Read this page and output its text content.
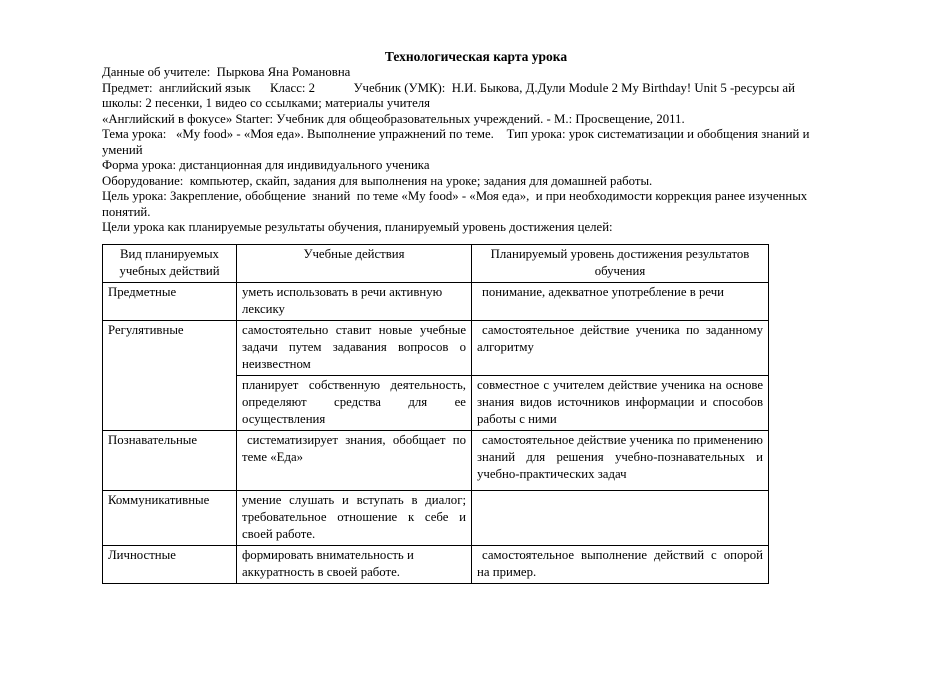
Технологическая карта урока
Данные об учителе:  Пыркова Яна Романовна
Предмет:  английский язык      Класс: 2            Учебник (УМК):  Н.И. Быкова, Д.Дули Module 2 My Birthday! Unit 5 -ресурсы ай
школы: 2 песенки, 1 видео со ссылками; материалы учителя
«Английский в фокусе» Starter: Учебник для общеобразовательных учреждений. - М.: Просвещение, 2011.
Тема урока:   «My food» - «Моя еда». Выполнение упражнений по теме.    Тип урока: урок систематизации и обобщения знаний и
умений
Форма урока: дистанционная для индивидуального ученика
Оборудование:  компьютер, скайп, задания для выполнения на уроке; задания для домашней работы.
Цель урока: Закрепление, обобщение  знаний  по теме «My food» - «Моя еда»,  и при необходимости коррекция ранее изученных
понятий.
Цели урока как планируемые результаты обучения, планируемый уровень достижения целей:
Вид планируемых учебных действий	Учебные действия	Планируемый уровень достижения результатов обучения
Предметные	уметь использовать в речи активную лексику	понимание, адекватное употребление в речи
Регулятивные	самостоятельно ставит новые учебные задачи путем задавания вопросов о неизвестном	самостоятельное действие ученика по заданному алгоритму
	планирует собственную деятельность, определяют средства для ее осуществления	совместное с учителем действие ученика на основе знания видов источников информации и способов работы с ними
Познавательные	систематизирует знания, обобщает по теме «Еда»	самостоятельное действие ученика по применению знаний для решения учебно-познавательных и учебно-практических задач
Коммуникативные	умение слушать и вступать в диалог; требовательное отношение к себе и своей работе.	
Личностные	формировать внимательность и аккуратность в своей работе.	самостоятельное выполнение действий с опорой на пример.
